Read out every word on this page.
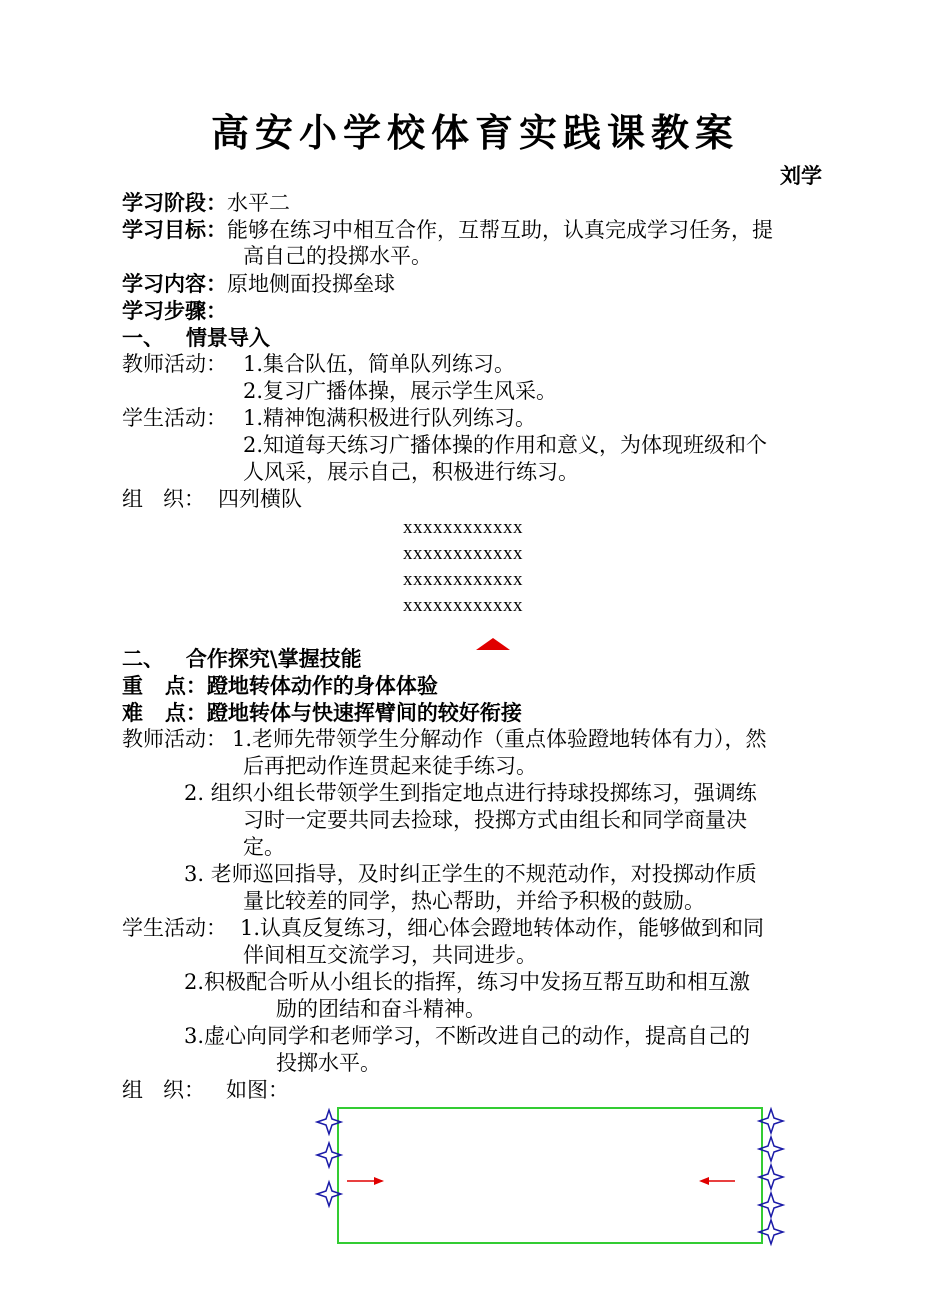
高安小学校体育实践课教案
刘学
学习阶段：水平二
学习目标：能够在练习中相互合作，互帮互助，认真完成学习任务，提
高自己的投掷水平。
学习内容：原地侧面投掷垒球
学习步骤：
一、   情景导入
教师活动： 1.集合队伍，简单队列练习。
2.复习广播体操，展示学生风采。
学生活动： 1.精神饱满积极进行队列练习。
2.知道每天练习广播体操的作用和意义，为体现班级和个
人风采，展示自己，积极进行练习。
组   织： 四列横队
xxxxxxxxxxxx
xxxxxxxxxxxx
xxxxxxxxxxxx
xxxxxxxxxxxx
二、   合作探究\掌握技能
重   点：蹬地转体动作的身体体验
难   点：蹬地转体与快速挥臂间的较好衔接
教师活动： 1.老师先带领学生分解动作（重点体验蹬地转体有力），然
后再把动作连贯起来徒手练习。
2. 组织小组长带领学生到指定地点进行持球投掷练习，强调练
习时一定要共同去捡球，投掷方式由组长和同学商量决
定。
3. 老师巡回指导，及时纠正学生的不规范动作，对投掷动作质
量比较差的同学，热心帮助，并给予积极的鼓励。
学生活动： 1.认真反复练习，细心体会蹬地转体动作，能够做到和同
伴间相互交流学习，共同进步。
2.积极配合听从小组长的指挥，练习中发扬互帮互助和相互激
励的团结和奋斗精神。
3.虚心向同学和老师学习，不断改进自己的动作，提高自己的
投掷水平。
组   织： 如图：
